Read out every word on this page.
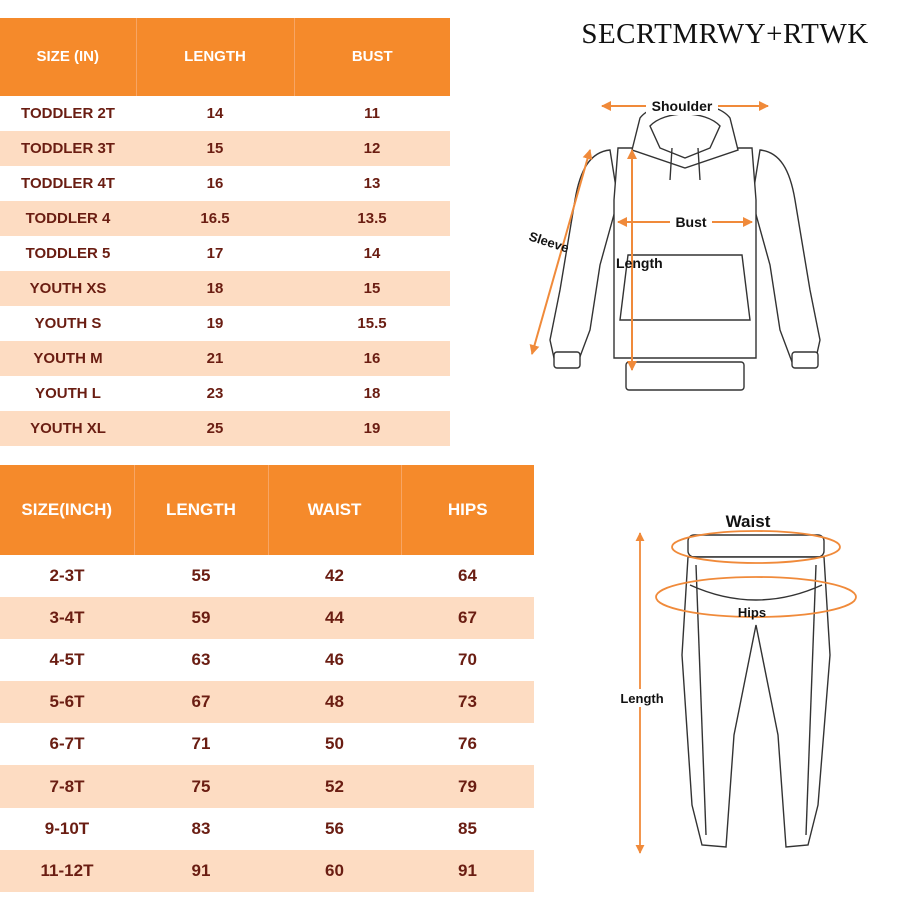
SIZE (IN)	LENGTH	BUST
TODDLER 2T	14	11
TODDLER 3T	15	12
TODDLER 4T	16	13
TODDLER 4	16.5	13.5
TODDLER 5	17	14
YOUTH XS	18	15
YOUTH S	19	15.5
YOUTH M	21	16
YOUTH L	23	18
YOUTH XL	25	19
SIZE(INCH)	LENGTH	WAIST	HIPS
2-3T	55	42	64
3-4T	59	44	67
4-5T	63	46	70
5-6T	67	48	73
6-7T	71	50	76
7-8T	75	52	79
9-10T	83	56	85
11-12T	91	60	91
SECRTMRWY+RTWK
Shoulder
Bust
Length
Sleeve
Waist
Hips
Length
